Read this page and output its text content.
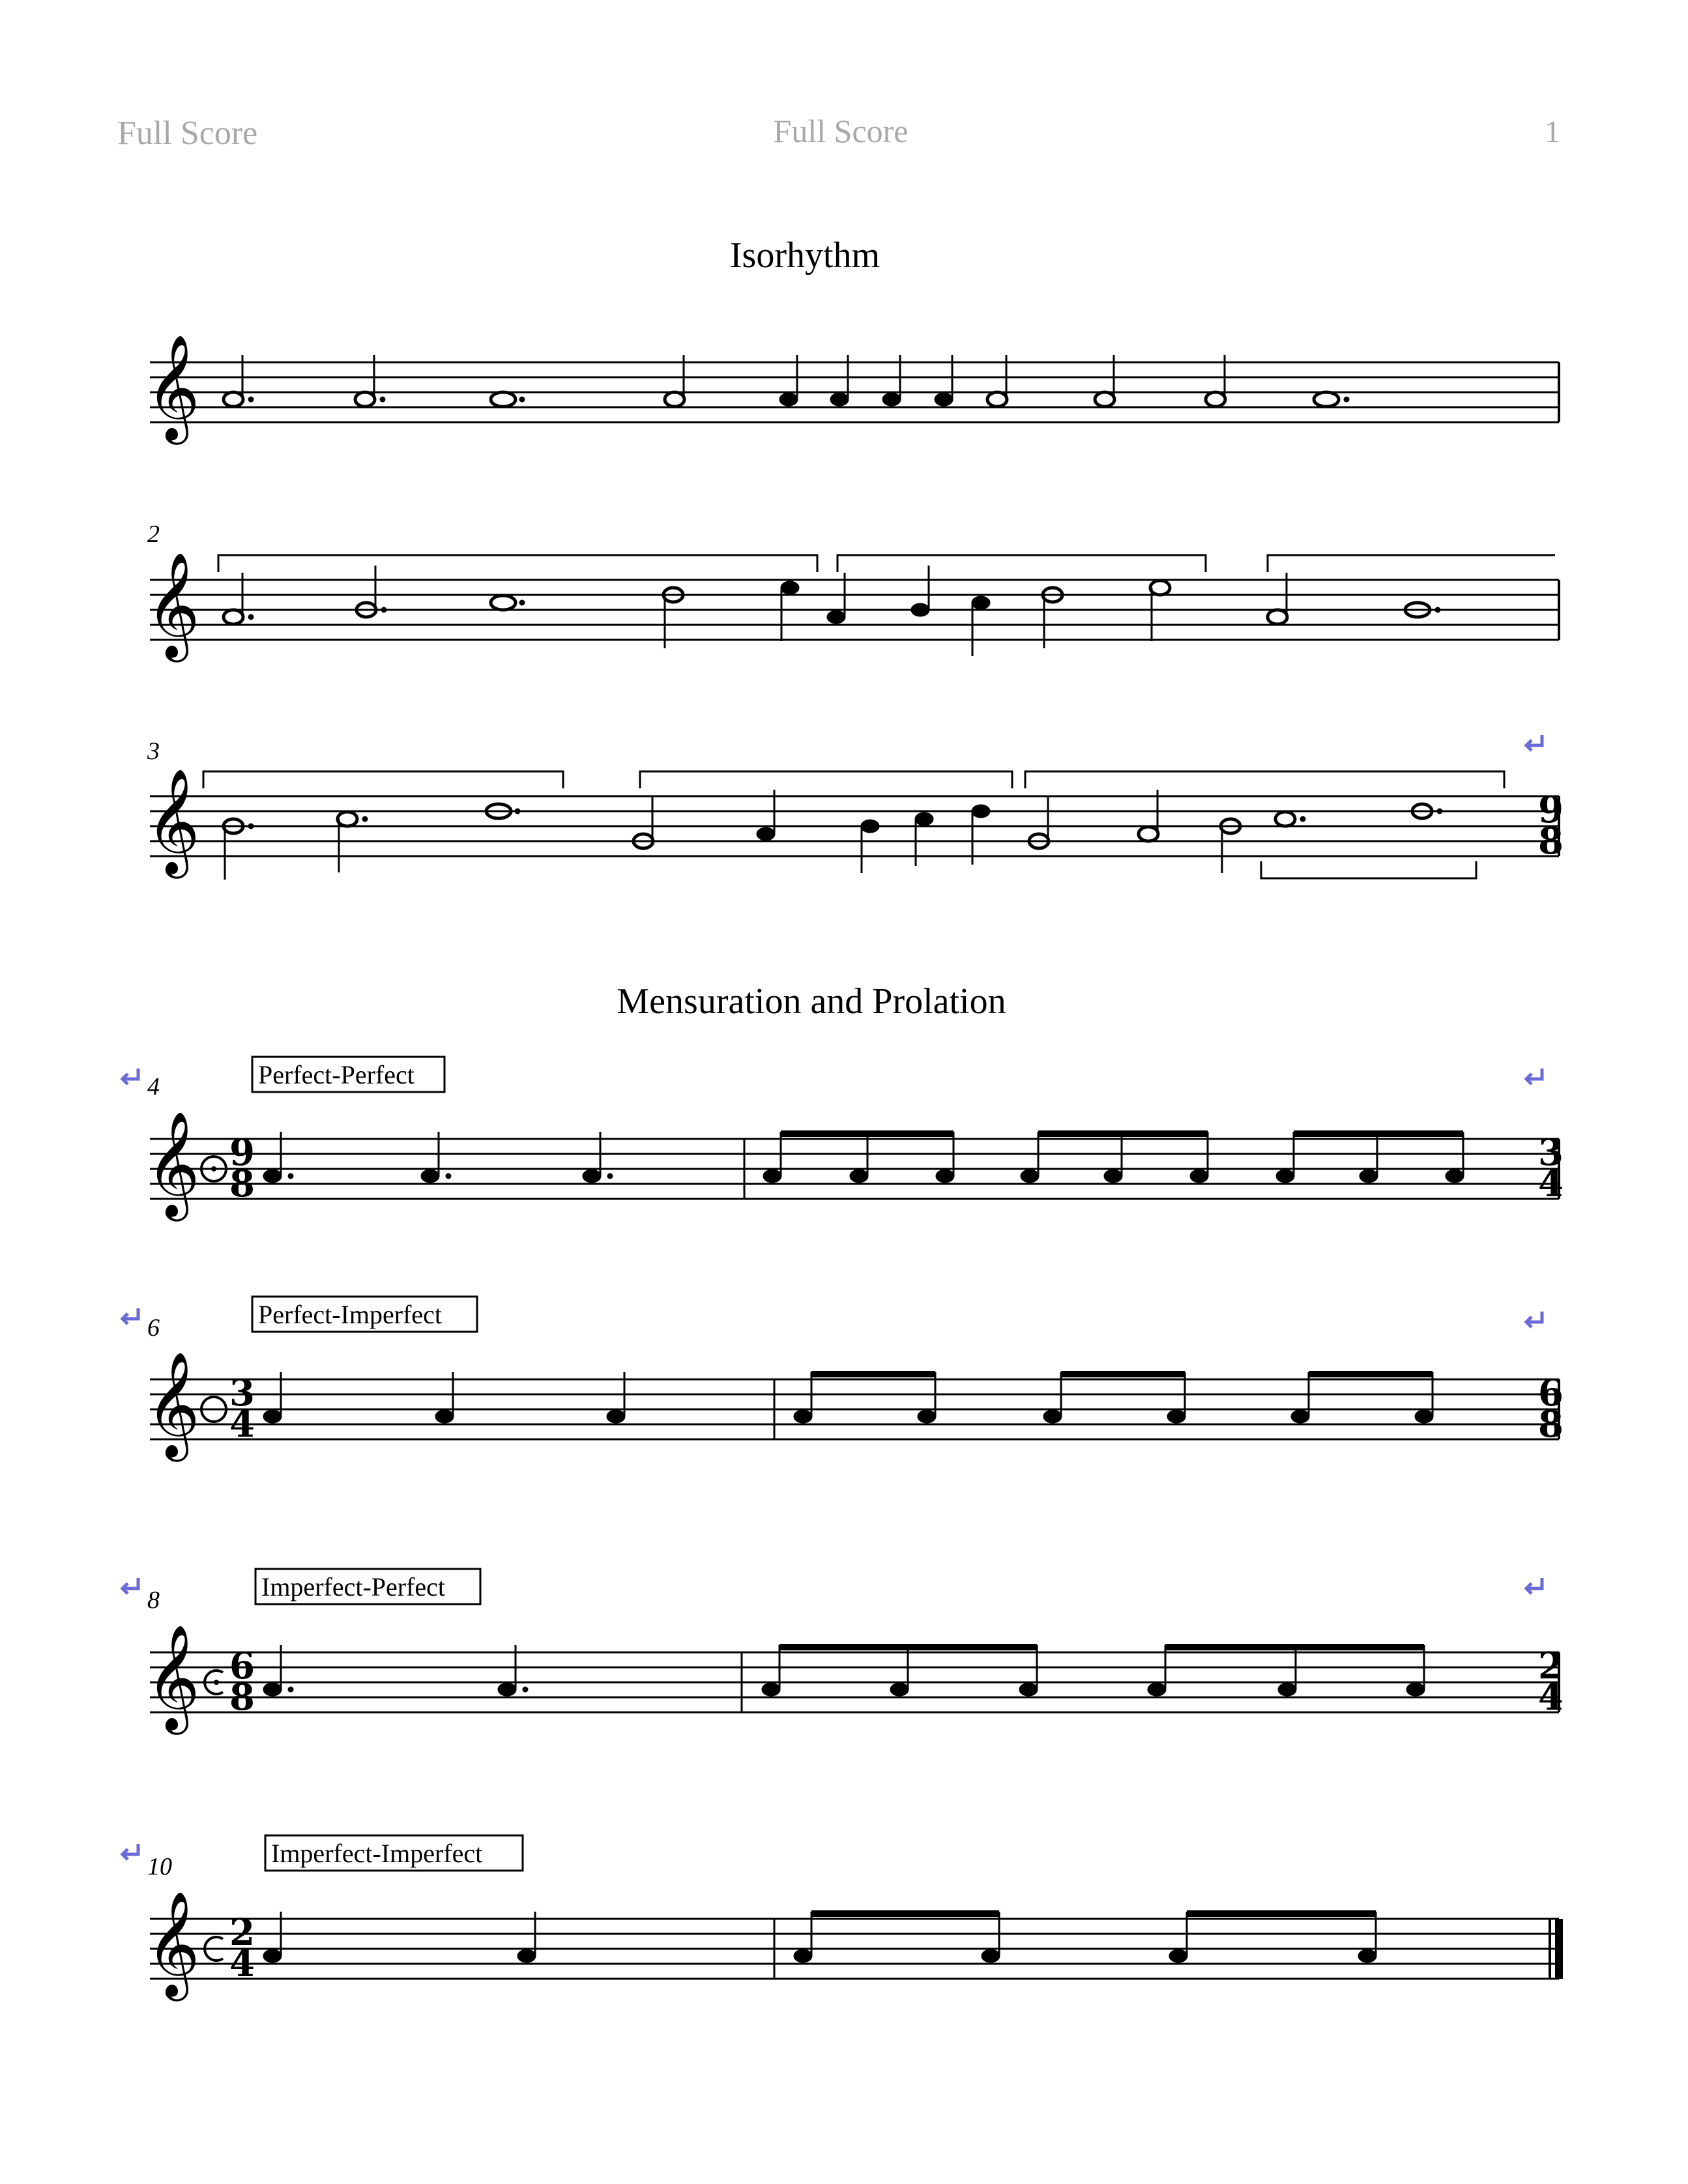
Full Score	Full Score	1
Isorhythm
Mensuration and Prolation
𝄞
2
𝄞
3
𝄞	9
8
4	Perfect-Perfect
𝄞 9
8
3
4
6	Perfect-Imperfect
𝄞 3
4
6
8
8	Imperfect-Perfect
𝄞 6
8
2
4
10	Imperfect-Imperfect
𝄞 2
4
